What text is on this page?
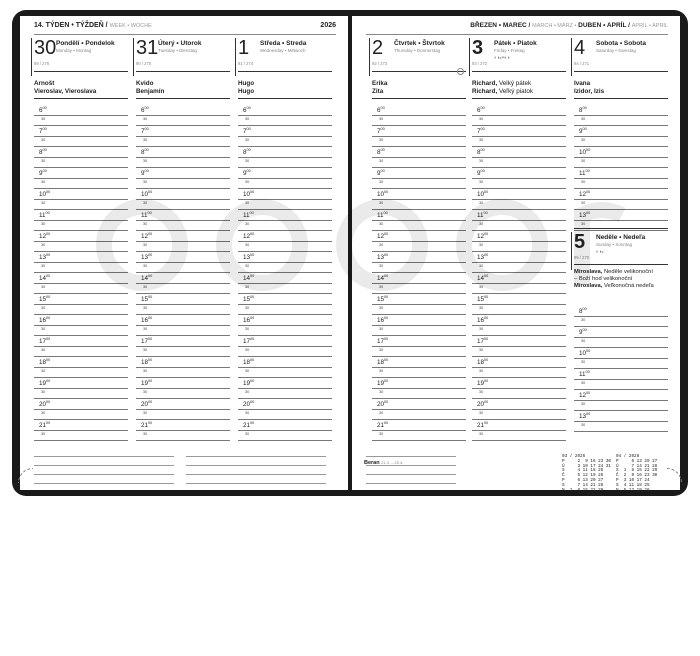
14. TÝDEN • TÝŽDEŇ / WEEK • WOCHE	2026
30 Pondělí • Pondelok
Monday • Montag
89 / 276
Arnošt
Vieroslav, Vieroslava
$6^{00}$
30
$7^{00}$
30
$8^{00}$
30
$9^{00}$
30
$10^{00}$
30
$11^{00}$
30
$12^{00}$
30
$13^{00}$
30
$14^{00}$
30
$15^{00}$
30
$16^{00}$
30
$17^{00}$
30
$18^{00}$
30
$19^{00}$
30
$20^{00}$
30
$21^{00}$
30
31 Úterý • Utorok
Tuesday • Dienstag
90 / 275
Kvido
Benjamín
$6^{00}$
30
$7^{00}$
30
$8^{00}$
30
$9^{00}$
30
$10^{00}$
30
$11^{00}$
30
$12^{00}$
30
$13^{00}$
30
$14^{00}$
30
$15^{00}$
30
$16^{00}$
30
$17^{00}$
30
$18^{00}$
30
$19^{00}$
30
$20^{00}$
30
$21^{00}$
30
1 Středa • Streda
Wednesday • Mittwoch
91 / 274
Hugo
Hugo
$6^{00}$
30
$7^{00}$
30
$8^{00}$
30
$9^{00}$
30
$10^{00}$
30
$11^{00}$
30
$12^{00}$
30
$13^{00}$
30
$14^{00}$
30
$15^{00}$
30
$16^{00}$
30
$17^{00}$
30
$18^{00}$
30
$19^{00}$
30
$20^{00}$
30
$21^{00}$
30
BŘEZEN • MAREC / MARCH • MÄRZ • DUBEN • APRÍL / APRIL • APRIL
2 Čtvrtek • Štvrtok
Thursday • Donnerstag
92 / 273
Erika
Zita
$6^{00}$
30
$7^{00}$
30
$8^{00}$
30
$9^{00}$
30
$10^{00}$
30
$11^{00}$
30
$12^{00}$
30
$13^{00}$
30
$14^{00}$
30
$15^{00}$
30
$16^{00}$
30
$17^{00}$
30
$18^{00}$
30
$19^{00}$
30
$20^{00}$
30
$21^{00}$
30
3 Pátek • Piatok
Friday • Freitag
93 / 272
◐◑◒◓◐◑
Richard, Velký pátek
Richard, Veľký piatok
$6^{00}$
30
$7^{00}$
30
$8^{00}$
30
$9^{00}$
30
$10^{00}$
30
$11^{00}$
30
$12^{00}$
30
$13^{00}$
30
$14^{00}$
30
$15^{00}$
30
$16^{00}$
30
$17^{00}$
30
$18^{00}$
30
$19^{00}$
30
$20^{00}$
30
$21^{00}$
30
4 Sobota • Sobota
Saturday • Samstag
94 / 271
Ivana
Izidor, Izis
$8^{00}$
30
$9^{00}$
30
$10^{00}$
30
$11^{00}$
30
$12^{00}$
30
$13^{00}$
30
5 Neděle • Nedeľa
Sunday • Sonntag
95 / 270
◐◑◒
Miroslava, Neděle velikonoční
– Boží hod velikonoční
Miroslava, Veľkonočná nedeľa
$8^{00}$
30
$9^{00}$
30
$10^{00}$
30
$11^{00}$
30
$12^{00}$
30
$13^{00}$
30
Beran 21.3. – 20.4.
03 / 2026
P     2  9 16 23 30
Ú     3 10 17 24 31
S     4 11 18 25
Č     5 12 19 26
P     6 13 20 27
S     7 14 21 28
N  1  8 15 22 29
04 / 2026
P     6 13 20 27
Ú     7 14 21 28
S  1  8 15 22 29
Č  2  9 16 23 30
P  3 10 17 24
S  4 11 18 25
N  5 12 19 26
